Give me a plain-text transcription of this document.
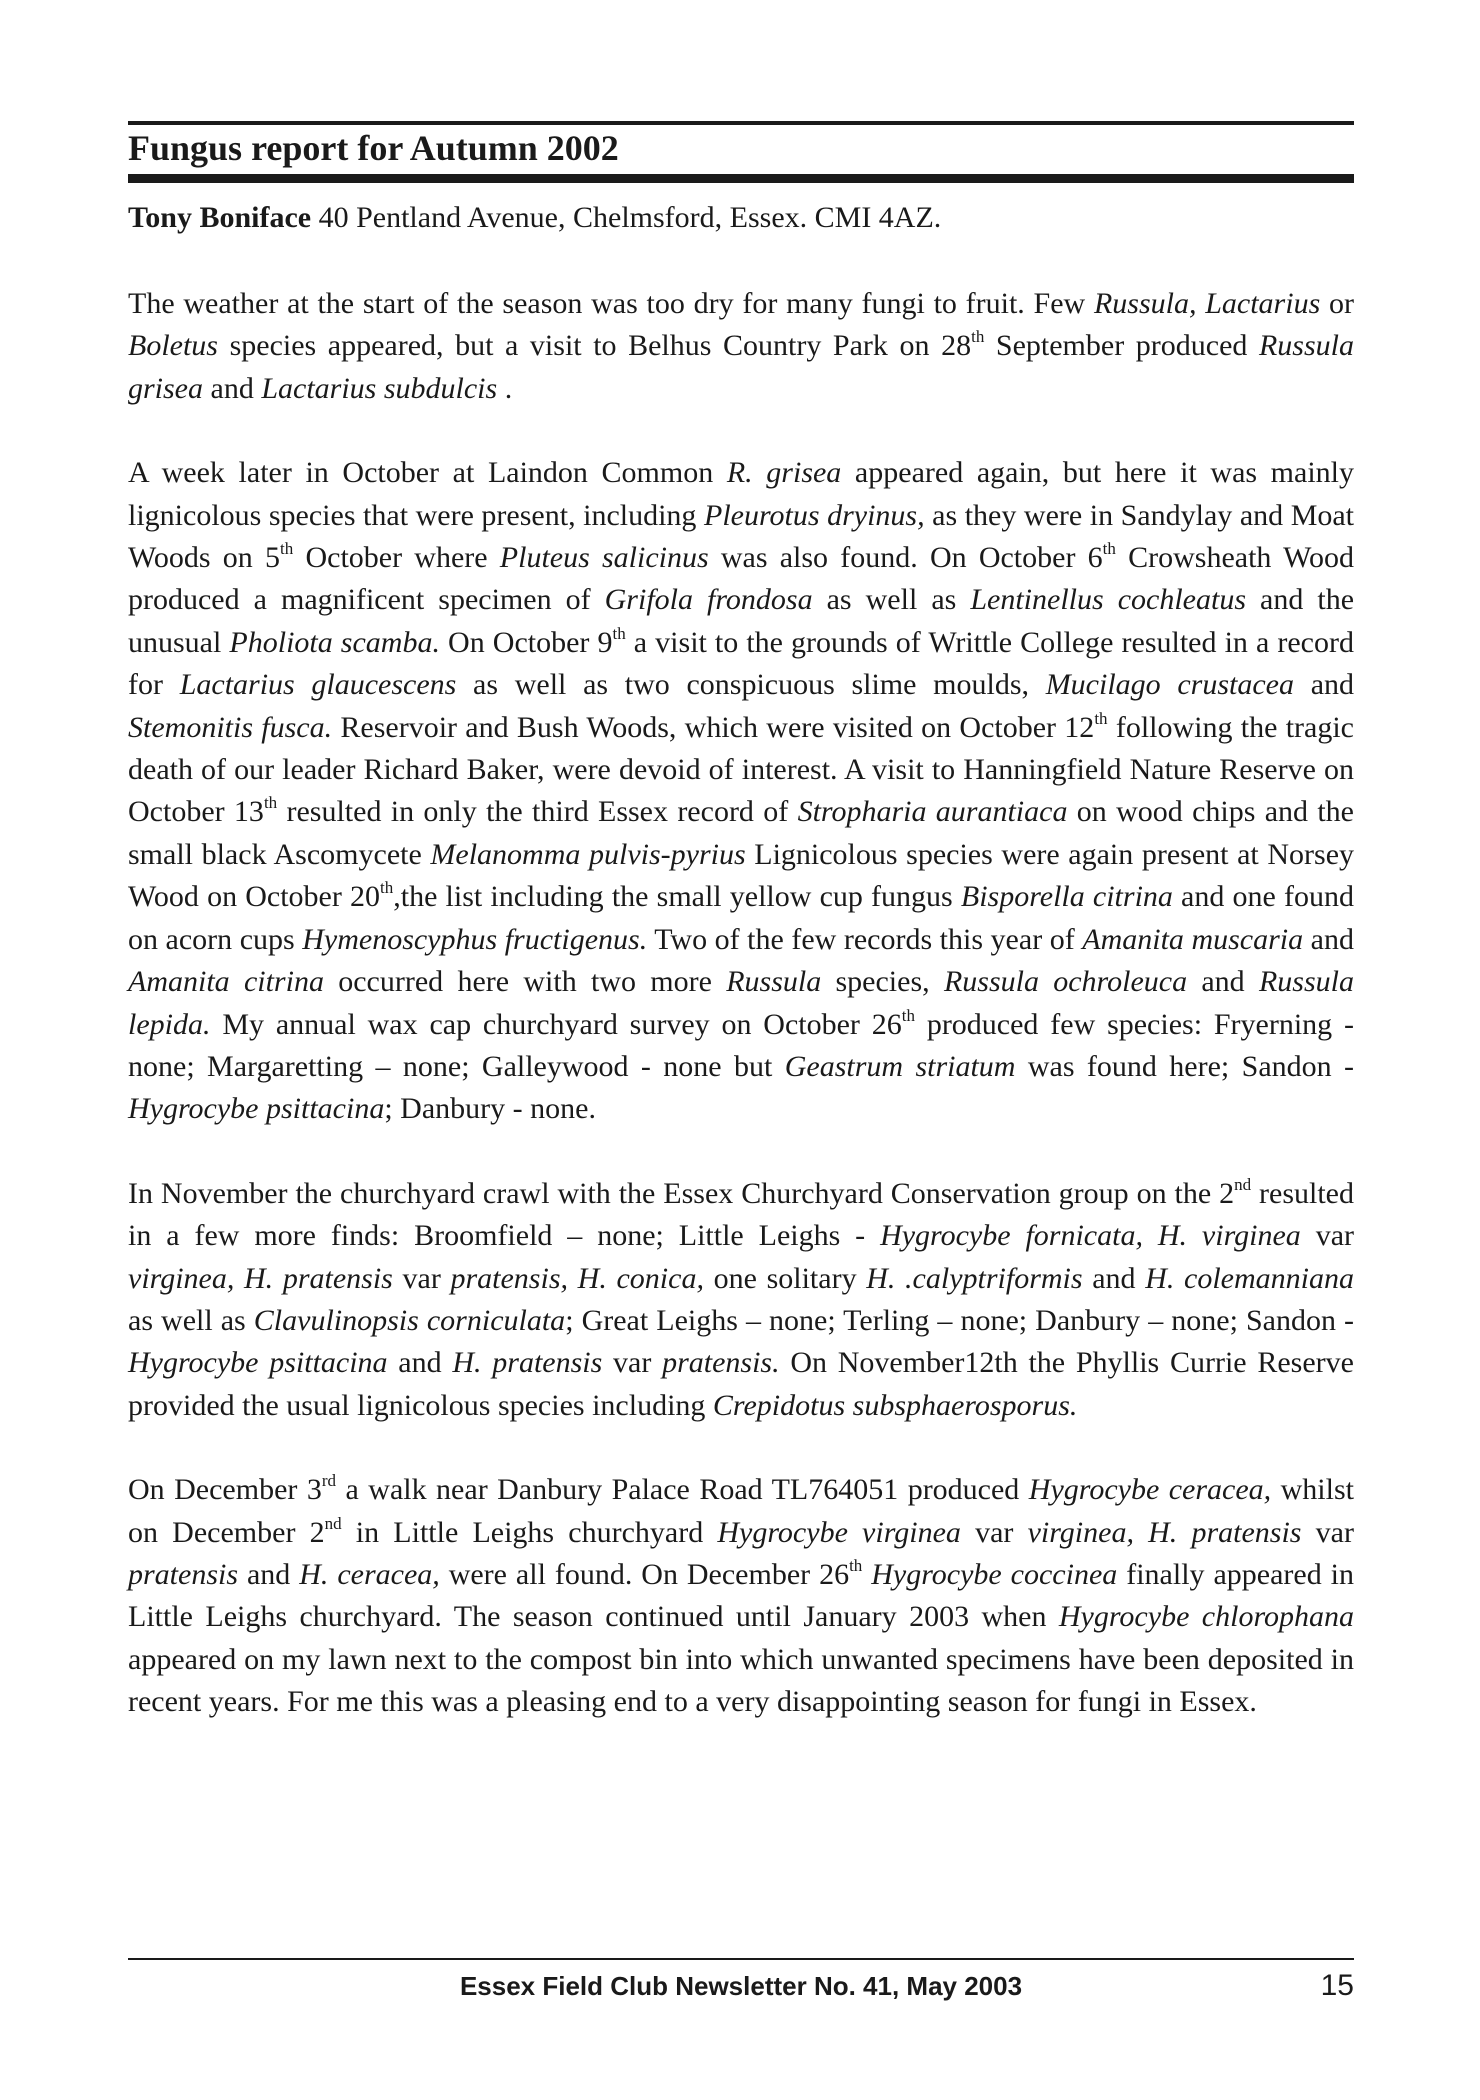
Fungus report for Autumn 2002
Tony Boniface 40 Pentland Avenue, Chelmsford, Essex. CMI 4AZ.

The weather at the start of the season was too dry for many fungi to fruit. Few Russula, Lactarius or Boletus species appeared, but a visit to Belhus Country Park on 28th September produced Russula grisea and Lactarius subdulcis .

A week later in October at Laindon Common R. grisea appeared again, but here it was mainly lignicolous species that were present, including Pleurotus dryinus, as they were in Sandylay and Moat Woods on 5th October where Pluteus salicinus was also found. On October 6th Crowsheath Wood produced a magnificent specimen of Grifola frondosa as well as Lentinellus cochleatus and the unusual Pholiota scamba. On October 9th a visit to the grounds of Writtle College resulted in a record for Lactarius glaucescens as well as two conspicuous slime moulds, Mucilago crustacea and Stemonitis fusca. Reservoir and Bush Woods, which were visited on October 12th following the tragic death of our leader Richard Baker, were devoid of interest. A visit to Hanningfield Nature Reserve on October 13th resulted in only the third Essex record of Stropharia aurantiaca on wood chips and the small black Ascomycete Melanomma pulvis-pyrius Lignicolous species were again present at Norsey Wood on October 20th,the list including the small yellow cup fungus Bisporella citrina and one found on acorn cups Hymenoscyphus fructigenus. Two of the few records this year of Amanita muscaria and Amanita citrina occurred here with two more Russula species, Russula ochroleuca and Russula lepida. My annual wax cap churchyard survey on October 26th produced few species: Fryerning - none; Margaretting – none; Galleywood - none but Geastrum striatum was found here; Sandon - Hygrocybe psittacina; Danbury - none.

In November the churchyard crawl with the Essex Churchyard Conservation group on the 2nd resulted in a few more finds: Broomfield – none; Little Leighs - Hygrocybe fornicata, H. virginea var virginea, H. pratensis var pratensis, H. conica, one solitary H. .calyptriformis and H. colemanniana as well as Clavulinopsis corniculata; Great Leighs – none; Terling – none; Danbury – none; Sandon - Hygrocybe psittacina and H. pratensis var pratensis. On November12th the Phyllis Currie Reserve provided the usual lignicolous species including Crepidotus subsphaerosporus.

On December 3rd a walk near Danbury Palace Road TL764051 produced Hygrocybe ceracea, whilst on December 2nd in Little Leighs churchyard Hygrocybe virginea var virginea, H. pratensis var pratensis and H. ceracea, were all found. On December 26th Hygrocybe coccinea finally appeared in Little Leighs churchyard. The season continued until January 2003 when Hygrocybe chlorophana appeared on my lawn next to the compost bin into which unwanted specimens have been deposited in recent years. For me this was a pleasing end to a very disappointing season for fungi in Essex.

Essex Field Club Newsletter No. 41, May 2003	15
